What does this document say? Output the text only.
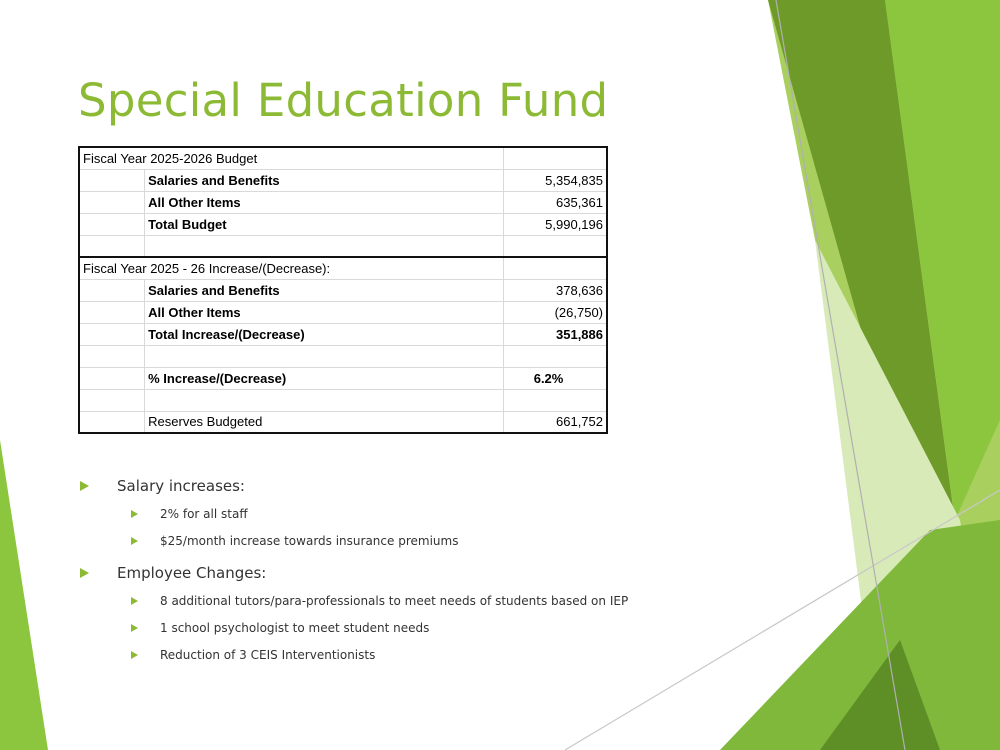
Special Education Fund
Fiscal Year 2025-2026 Budget		
	Salaries and Benefits	5,354,835
	All Other Items	635,361
	Total Budget	5,990,196

Fiscal Year 2025 - 26 Increase/(Decrease):		
	Salaries and Benefits	378,636
	All Other Items	(26,750)
	Total Increase/(Decrease)	351,886

	% Increase/(Decrease)	6.2%

	Reserves Budgeted	661,752
Salary increases:
2% for all staff
$25/month increase towards insurance premiums
Employee Changes:
8 additional tutors/para-professionals to meet needs of students based on IEP
1 school psychologist to meet student needs
Reduction of 3 CEIS Interventionists
